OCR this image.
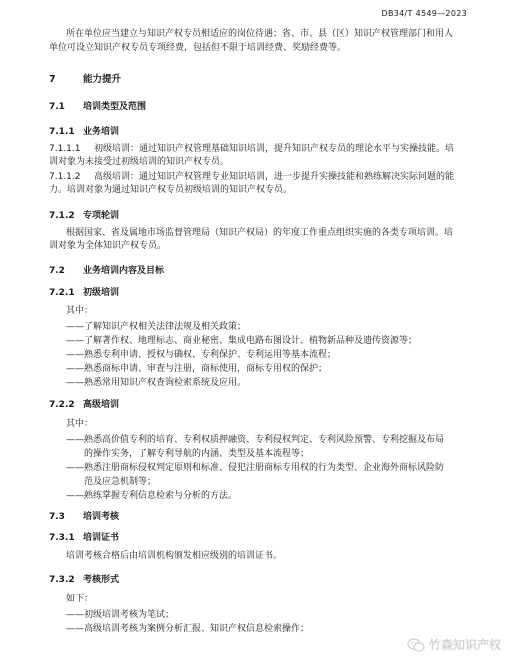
DB34/T 4549—2023
所在单位应当建立与知识产权专员相适应的岗位待遇；省、市、县（区）知识产权管理部门和用人
单位可设立知识产权专员专项经费，包括但不限于培训经费、奖励经费等。
7	能力提升
7.1 培训类型及范围
7.1.1 业务培训
7.1.1.1 初级培训：通过知识产权管理基础知识培训，提升知识产权专员的理论水平与实操技能。培
训对象为未接受过初级培训的知识产权专员。
7.1.1.2 高级培训：通过知识产权管理专业知识培训，进一步提升实操技能和熟练解决实际问题的能
力。培训对象为通过知识产权专员初级培训的知识产权专员。
7.1.2 专项轮训
根据国家、省及属地市场监督管理局（知识产权局）的年度工作重点组织实施的各类专项培训。培
训对象为全体知识产权专员。
7.2 业务培训内容及目标
7.2.1 初级培训
其中：
——了解知识产权相关法律法规及相关政策；
——了解著作权、地理标志、商业秘密、集成电路布图设计、植物新品种及遗传资源等；
——熟悉专利申请、授权与确权、专利保护、专利运用等基本流程；
——熟悉商标申请、审查与注册，商标使用，商标专用权的保护；
——熟悉常用知识产权查询检索系统及应用。
7.2.2 高级培训
其中：
——熟悉高价值专利的培育、专利权质押融资、专利侵权判定、专利风险预警、专利挖掘及布局
的操作实务，了解专利导航的内涵、类型及基本流程等；
——熟悉注册商标侵权判定原则和标准、侵犯注册商标专用权的行为类型、企业海外商标风险防
范及应急机制等；
——熟练掌握专利信息检索与分析的方法。
7.3 培训考核
7.3.1 培训证书
培训考核合格后由培训机构颁发相应级别的培训证书。
7.3.2 考核形式
如下：
——初级培训考核为笔试；
——高级培训考核为案例分析汇报、知识产权信息检索操作；
竹森知识产权
